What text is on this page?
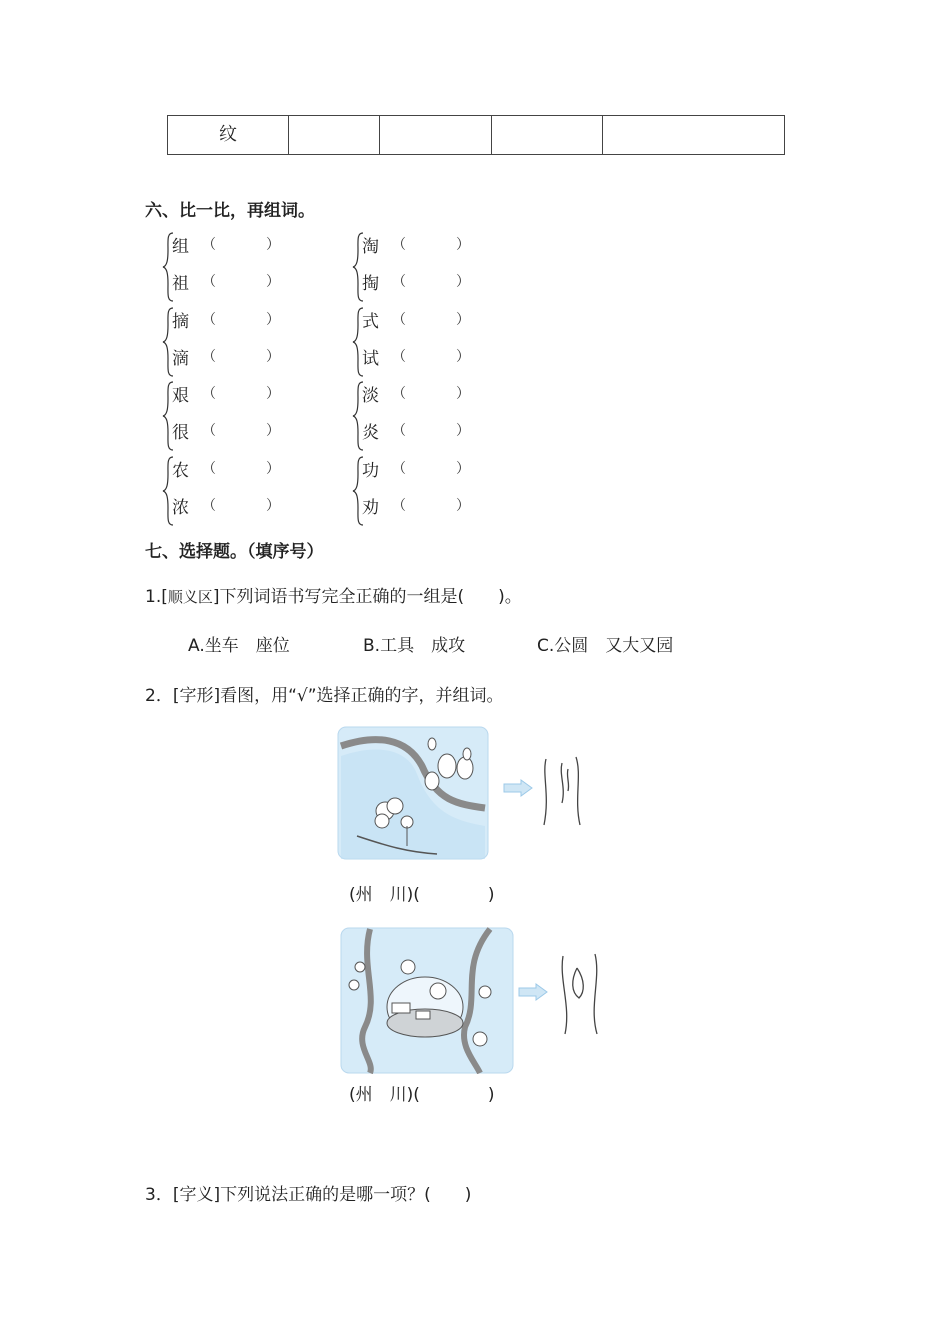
纹				
六、比一比，再组词。
组 （	）
祖 （	）
淘 （	）
掏 （	）
摘 （	）
滴 （	）
式 （	）
试 （	）
艰 （	）
很 （	）
淡 （	）
炎 （	）
农 （	）
浓 （	）
功 （	）
劝 （	）
七、选择题。（填序号）
1.[顺义区]下列词语书写完全正确的一组是(　　)。
A.坐车　座位	B.工具　成攻	C.公圆　又大又园
2．[字形]看图，用“√”选择正确的字，并组词。
(州　川)(　　　　)
(州　川)(　　　　)
3．[字义]下列说法正确的是哪一项？(　　)
